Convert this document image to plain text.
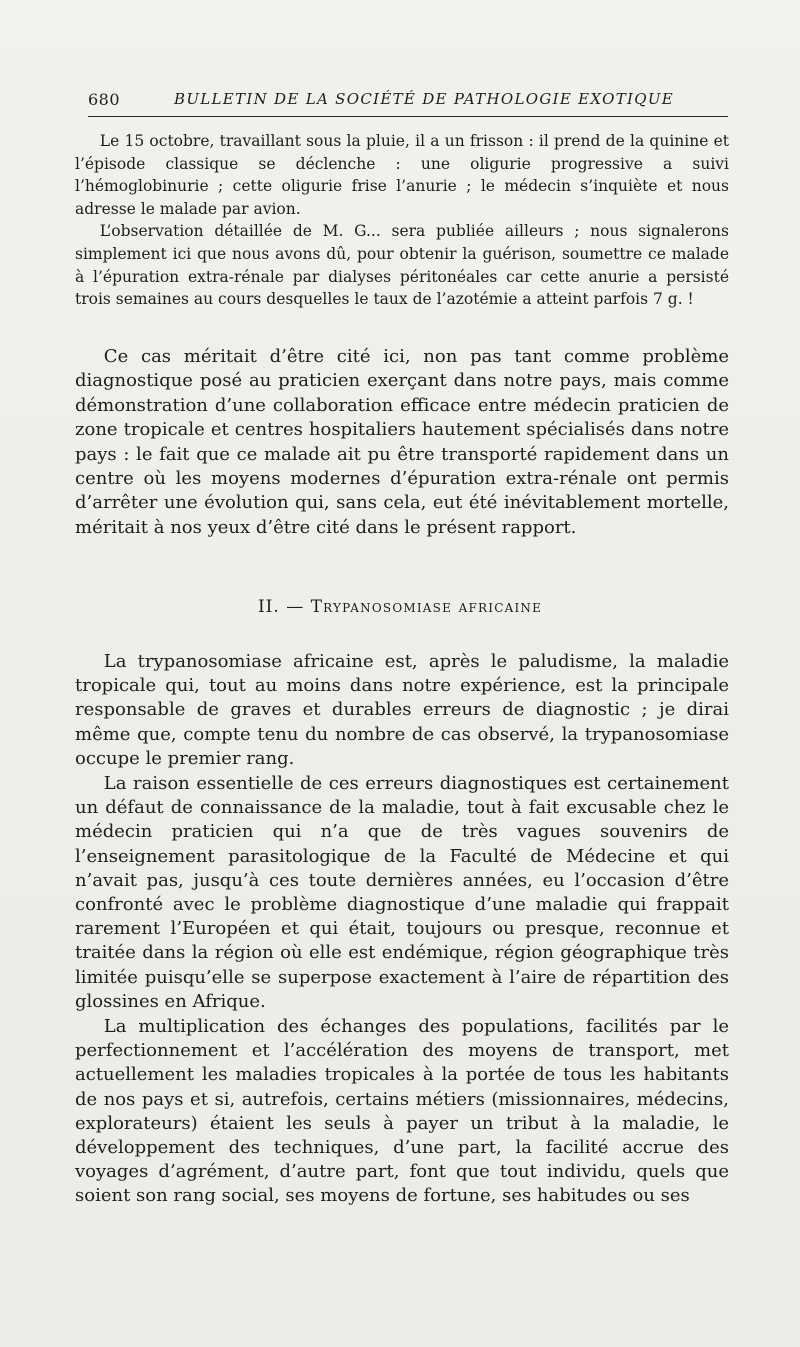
680	BULLETIN DE LA SOCIÉTÉ DE PATHOLOGIE EXOTIQUE

Le 15 octobre, travaillant sous la pluie, il a un frisson : il prend de la quinine et l’épisode classique se déclenche : une oligurie progressive a suivi l’hémoglobinurie ; cette oligurie frise l’anurie ; le médecin s’inquiète et nous adresse le malade par avion.

L’observation détaillée de M. G... sera publiée ailleurs ; nous signalerons simplement ici que nous avons dû, pour obtenir la guérison, soumettre ce malade à l’épuration extra-rénale par dialyses péritonéales car cette anurie a persisté trois semaines au cours desquelles le taux de l’azotémie a atteint parfois 7 g. !

Ce cas méritait d’être cité ici, non pas tant comme problème diagnostique posé au praticien exerçant dans notre pays, mais comme démonstration d’une collaboration efficace entre médecin praticien de zone tropicale et centres hospitaliers hautement spécialisés dans notre pays : le fait que ce malade ait pu être transporté rapidement dans un centre où les moyens modernes d’épuration extra-rénale ont permis d’arrêter une évolution qui, sans cela, eut été inévitablement mortelle, méritait à nos yeux d’être cité dans le présent rapport.

II. — Trypanosomiase africaine

La trypanosomiase africaine est, après le paludisme, la maladie tropicale qui, tout au moins dans notre expérience, est la principale responsable de graves et durables erreurs de diagnostic ; je dirai même que, compte tenu du nombre de cas observé, la trypanosomiase occupe le premier rang.

La raison essentielle de ces erreurs diagnostiques est certainement un défaut de connaissance de la maladie, tout à fait excusable chez le médecin praticien qui n’a que de très vagues souvenirs de l’enseignement parasitologique de la Faculté de Médecine et qui n’avait pas, jusqu’à ces toute dernières années, eu l’occasion d’être confronté avec le problème diagnostique d’une maladie qui frappait rarement l’Européen et qui était, toujours ou presque, reconnue et traitée dans la région où elle est endémique, région géographique très limitée puisqu’elle se superpose exactement à l’aire de répartition des glossines en Afrique.

La multiplication des échanges des populations, facilités par le perfectionnement et l’accélération des moyens de transport, met actuellement les maladies tropicales à la portée de tous les habitants de nos pays et si, autrefois, certains métiers (missionnaires, médecins, explorateurs) étaient les seuls à payer un tribut à la maladie, le développement des techniques, d’une part, la facilité accrue des voyages d’agrément, d’autre part, font que tout individu, quels que soient son rang social, ses moyens de fortune, ses habitudes ou ses
